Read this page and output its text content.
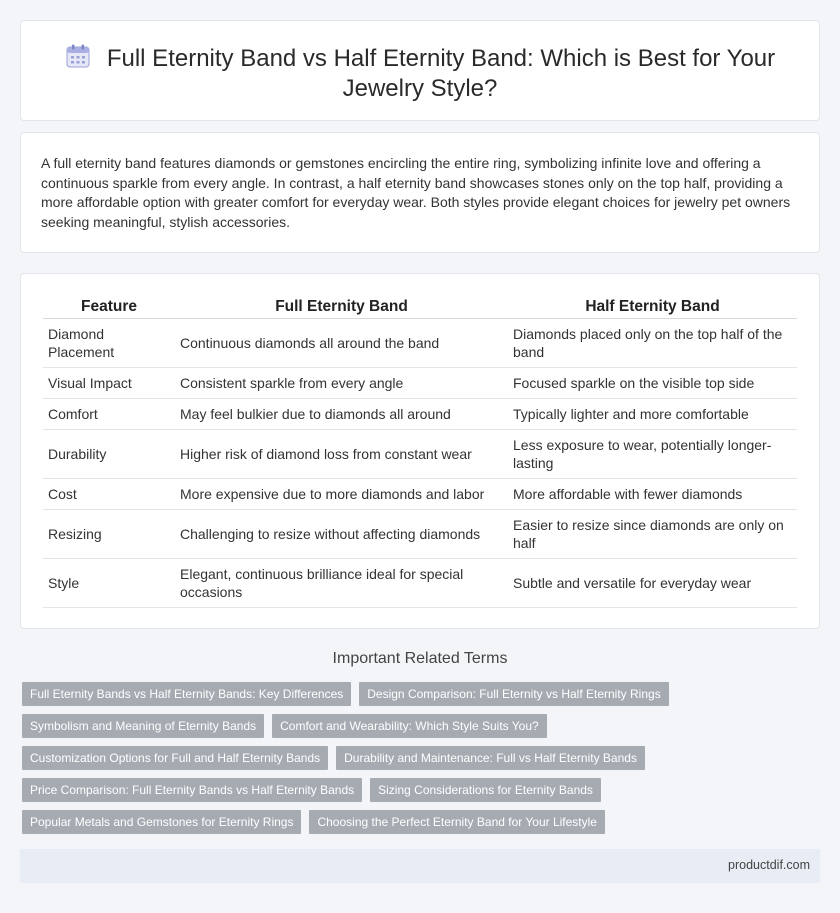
Full Eternity Band vs Half Eternity Band: Which is Best for Your Jewelry Style?

A full eternity band features diamonds or gemstones encircling the entire ring, symbolizing infinite love and offering a continuous sparkle from every angle. In contrast, a half eternity band showcases stones only on the top half, providing a more affordable option with greater comfort for everyday wear. Both styles provide elegant choices for jewelry pet owners seeking meaningful, stylish accessories.

Feature	Full Eternity Band	Half Eternity Band
Diamond Placement	Continuous diamonds all around the band	Diamonds placed only on the top half of the band
Visual Impact	Consistent sparkle from every angle	Focused sparkle on the visible top side
Comfort	May feel bulkier due to diamonds all around	Typically lighter and more comfortable
Durability	Higher risk of diamond loss from constant wear	Less exposure to wear, potentially longer-lasting
Cost	More expensive due to more diamonds and labor	More affordable with fewer diamonds
Resizing	Challenging to resize without affecting diamonds	Easier to resize since diamonds are only on half
Style	Elegant, continuous brilliance ideal for special occasions	Subtle and versatile for everyday wear
Important Related Terms
Full Eternity Bands vs Half Eternity Bands: Key Differences	Design Comparison: Full Eternity vs Half Eternity Rings
Symbolism and Meaning of Eternity Bands	Comfort and Wearability: Which Style Suits You?
Customization Options for Full and Half Eternity Bands	Durability and Maintenance: Full vs Half Eternity Bands
Price Comparison: Full Eternity Bands vs Half Eternity Bands	Sizing Considerations for Eternity Bands
Popular Metals and Gemstones for Eternity Rings	Choosing the Perfect Eternity Band for Your Lifestyle
productdif.com
